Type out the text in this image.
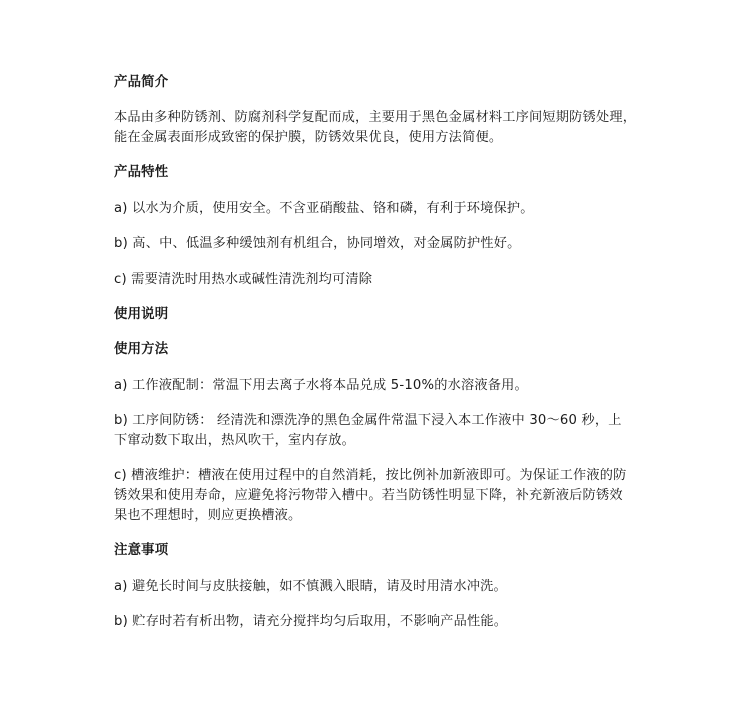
产品简介
本品由多种防锈剂、防腐剂科学复配而成，主要用于黑色金属材料工序间短期防锈处理，
能在金属表面形成致密的保护膜，防锈效果优良，使用方法简便。
产品特性
a) 以水为介质，使用安全。不含亚硝酸盐、铬和磷，有利于环境保护。
b) 高、中、低温多种缓蚀剂有机组合，协同增效，对金属防护性好。
c) 需要清洗时用热水或碱性清洗剂均可清除
使用说明
使用方法
a) 工作液配制：常温下用去离子水将本品兑成 5-10%的水溶液备用。
b) 工序间防锈： 经清洗和漂洗净的黑色金属件常温下浸入本工作液中 30～60 秒，上
下窜动数下取出，热风吹干，室内存放。
c) 槽液维护：槽液在使用过程中的自然消耗，按比例补加新液即可。为保证工作液的防
锈效果和使用寿命，应避免将污物带入槽中。若当防锈性明显下降，补充新液后防锈效
果也不理想时，则应更换槽液。
注意事项
a) 避免长时间与皮肤接触，如不慎溅入眼睛，请及时用清水冲洗。
b) 贮存时若有析出物，请充分搅拌均匀后取用，不影响产品性能。
